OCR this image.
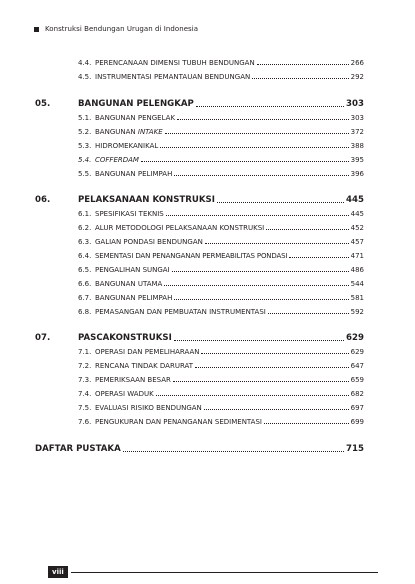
Konstruksi Bendungan Urugan di Indonesia
4.4. PERENCANAAN DIMENSI TUBUH BENDUNGAN	266
4.5. INSTRUMENTASI PEMANTAUAN BENDUNGAN	292
05.	BANGUNAN PELENGKAP	303
5.1. BANGUNAN PENGELAK	303
5.2. BANGUNAN INTAKE	372
5.3. HIDROMEKANIKAL	388
5.4. COFFERDAM	395
5.5. BANGUNAN PELIMPAH	396
06.	PELAKSANAAN KONSTRUKSI	445
6.1. SPESIFIKASI TEKNIS	445
6.2. ALUR METODOLOGI PELAKSANAAN KONSTRUKSI	452
6.3. GALIAN PONDASI BENDUNGAN	457
6.4. SEMENTASI DAN PENANGANAN PERMEABILITAS PONDASI	471
6.5. PENGALIHAN SUNGAI	486
6.6. BANGUNAN UTAMA	544
6.7. BANGUNAN PELIMPAH	581
6.8. PEMASANGAN DAN PEMBUATAN INSTRUMENTASI	592
07.	PASCAKONSTRUKSI	629
7.1. OPERASI DAN PEMELIHARAAN	629
7.2. RENCANA TINDAK DARURAT	647
7.3. PEMERIKSAAN BESAR	659
7.4. OPERASI WADUK	682
7.5. EVALUASI RISIKO BENDUNGAN	697
7.6. PENGUKURAN DAN PENANGANAN SEDIMENTASI	699
DAFTAR PUSTAKA	715
viii
